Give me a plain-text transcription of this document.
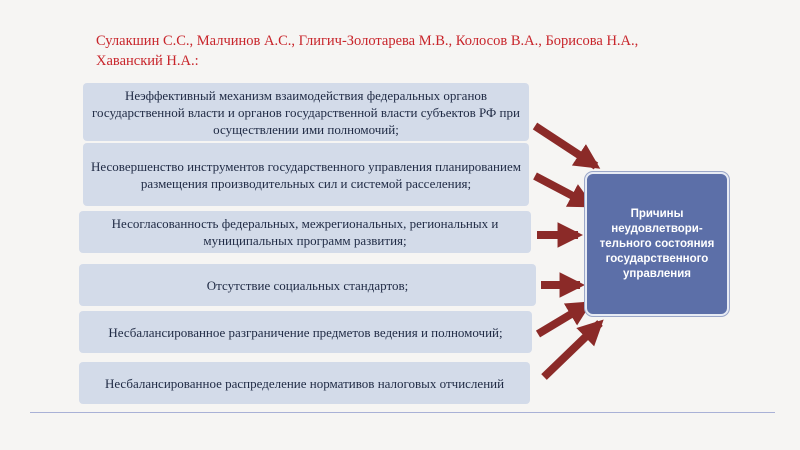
Сулакшин С.С., Малчинов А.С., Глигич-Золотарева М.В., Колосов В.А., Борисова Н.А., Хаванский Н.А.:

Неэффективный механизм взаимодействия федеральных органов государственной власти и органов государственной власти субъектов РФ при осуществлении ими полномочий;
Несовершенство инструментов государственного управления планированием размещения производительных сил и системой расселения;
Несогласованность федеральных, межрегиональных, региональных и муниципальных программ развития;
Отсутствие социальных стандартов;
Несбалансированное разграничение предметов ведения и полномочий;
Несбалансированное распределение нормативов налоговых отчислений
Причины неудовлетвори-тельного состояния государственного управления
